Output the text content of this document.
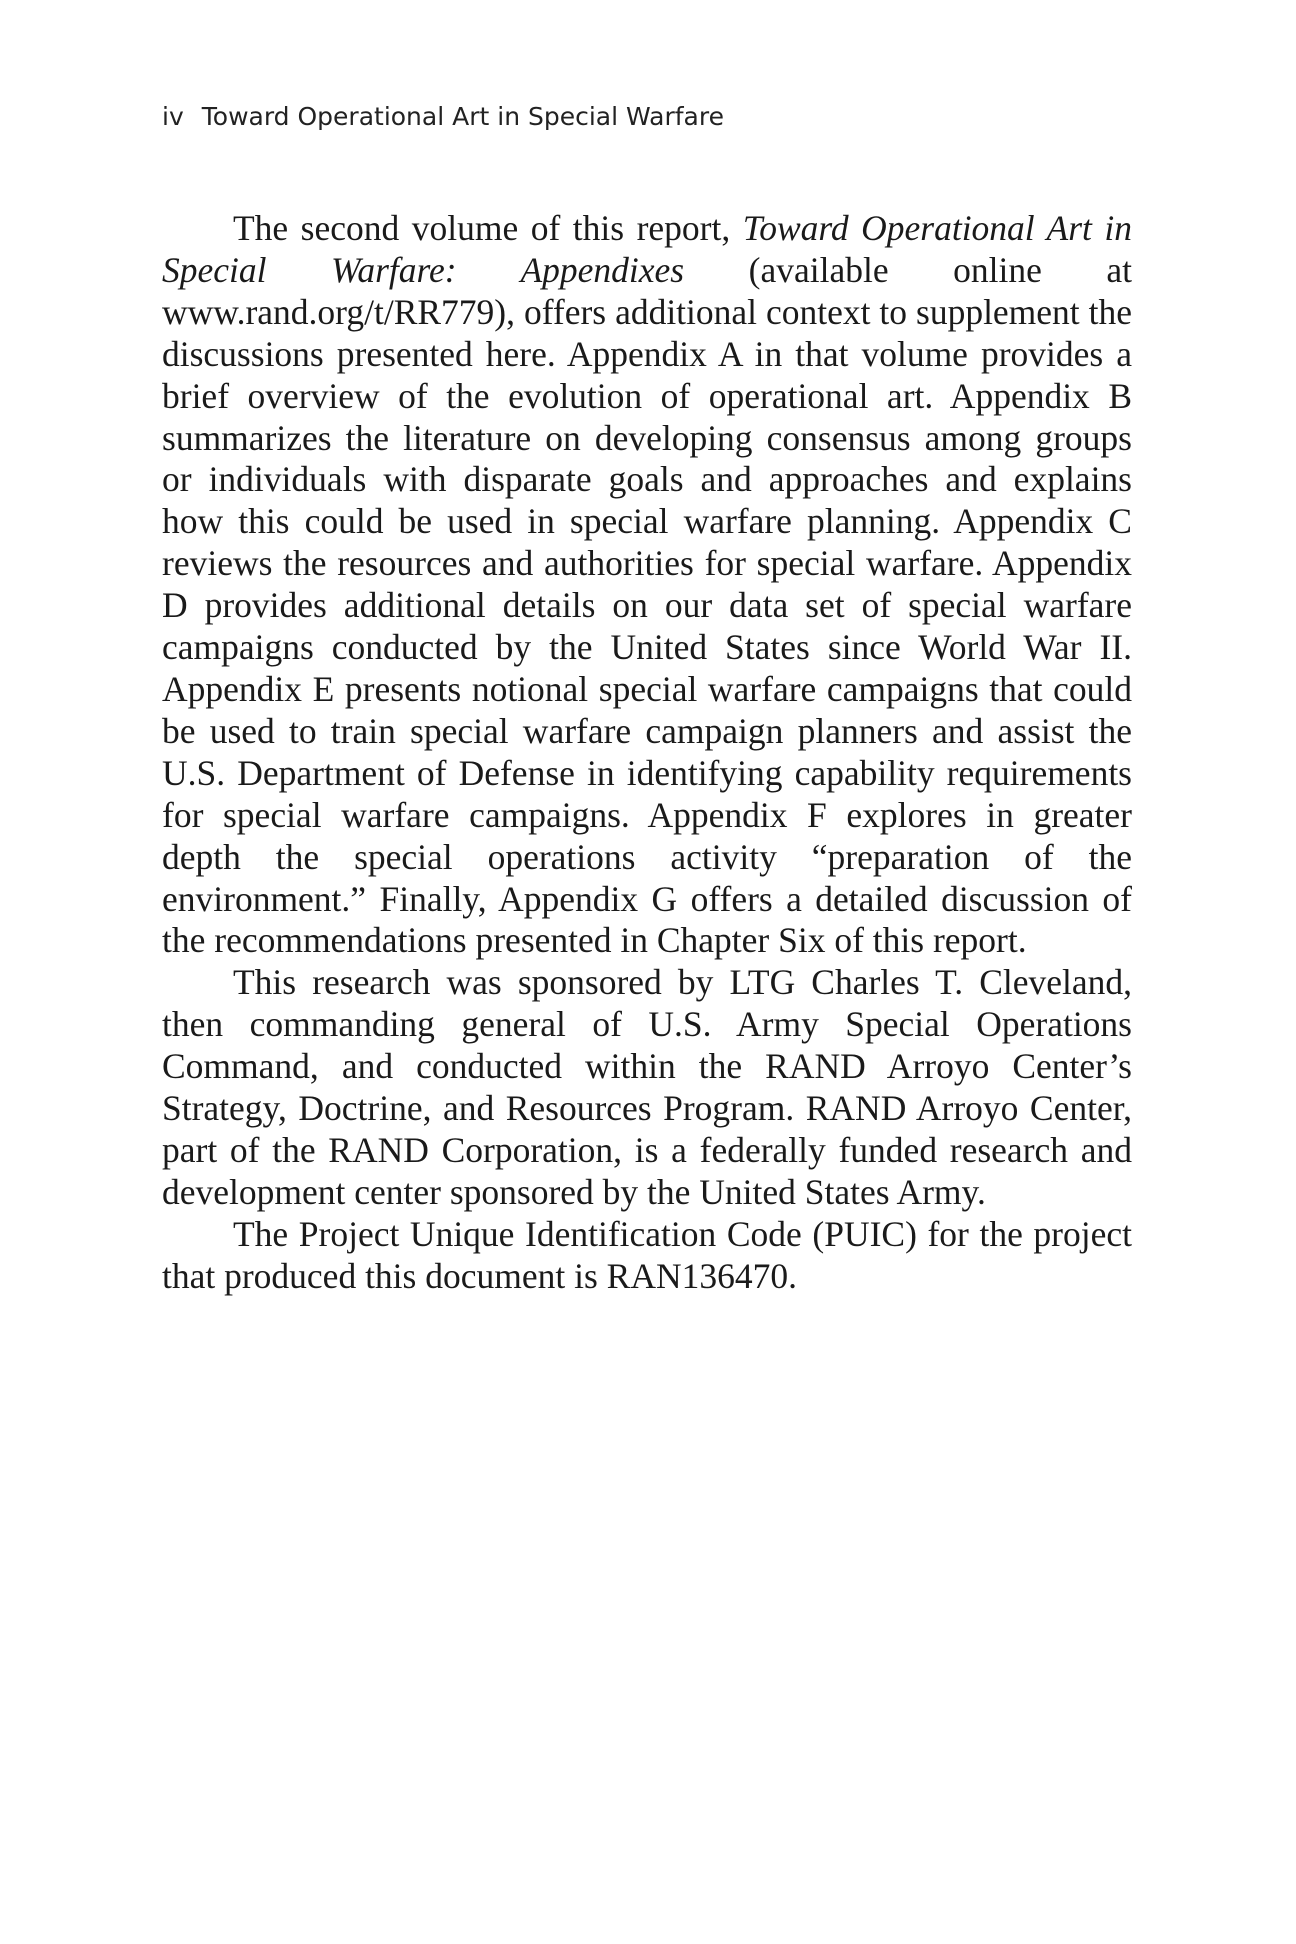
iv Toward Operational Art in Special Warfare

The second volume of this report, Toward Operational Art in Special Warfare: Appendixes (available online at www.rand.org/t/RR779), offers additional context to supplement the discussions presented here. Appendix A in that volume provides a brief overview of the evolution of operational art. Appendix B summarizes the literature on developing consensus among groups or individuals with disparate goals and approaches and explains how this could be used in special warfare planning. Appendix C reviews the resources and authorities for special warfare. Appendix D provides additional details on our data set of special warfare campaigns conducted by the United States since World War II. Appendix E presents notional special warfare campaigns that could be used to train special warfare campaign planners and assist the U.S. Department of Defense in identifying capability requirements for special warfare campaigns. Appendix F explores in greater depth the special operations activity “preparation of the environment.” Finally, Appendix G offers a detailed discussion of the recommendations presented in Chapter Six of this report.

This research was sponsored by LTG Charles T. Cleveland, then commanding general of U.S. Army Special Operations Command, and conducted within the RAND Arroyo Center’s Strategy, Doctrine, and Resources Program. RAND Arroyo Center, part of the RAND Corporation, is a federally funded research and development center sponsored by the United States Army.

The Project Unique Identification Code (PUIC) for the project that produced this document is RAN136470.
